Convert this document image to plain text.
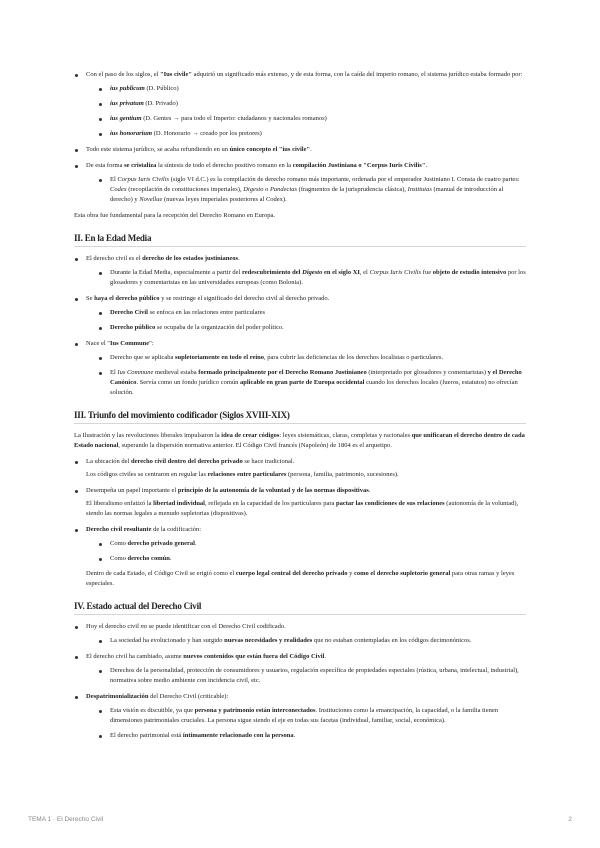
Con el paso de los siglos, el "Ius civile" adquirió un significado más extenso, y de esta forma, con la caída del imperio romano, el sistema jurídico estaba formado por:
ius publicum (D. Público)
ius privatum (D. Privado)
ius gentium (D. Gentes → para todo el Imperio: ciudadanos y nacionales romanos)
ius honorarium (D. Honorario → creado por los pretores)
Todo este sistema jurídico, se acaba refundiendo en un único concepto el "ius civile".
De esta forma se cristaliza la síntesis de todo el derecho positivo romano en la compilación Justiniana o "Corpus Iuris Civilis".
El Corpus Iuris Civilis (siglo VI d.C.) es la compilación de derecho romano más importante, ordenada por el emperador Justiniano I. Consta de cuatro partes: Codex (recopilación de constituciones imperiales), Digesto o Pandectas (fragmentos de la jurisprudencia clásica), Institutas (manual de introducción al derecho) y Novellae (nuevas leyes imperiales posteriores al Codex).

Esta obra fue fundamental para la recepción del Derecho Romano en Europa.

II. En la Edad Media
El derecho civil es el derecho de los estados justinianeos.
Durante la Edad Media, especialmente a partir del redescubrimiento del Digesto en el siglo XI, el Corpus Iuris Civilis fue objeto de estudio intensivo por los glosadores y comentaristas en las universidades europeas (como Bolonia).
Se haya el derecho público y se restringe el significado del derecho civil al derecho privado.
Derecho Civil se enfoca en las relaciones entre particulares
Derecho público se ocupaba de la organización del poder político.
Nace el "Ius Commune":
Derecho que se aplicaba supletoriamente en todo el reino, para cubrir las deficiencias de los derechos localistas o particulares.
El Ius Commune medieval estaba formado principalmente por el Derecho Romano Justinianeo (interpretado por glosadores y comentaristas) y el Derecho Canónico. Servía como un fondo jurídico común aplicable en gran parte de Europa occidental cuando los derechos locales (fueros, estatutos) no ofrecían solución.
III. Triunfo del movimiento codificador (Siglos XVIII-XIX)

La Ilustración y las revoluciones liberales impulsaron la idea de crear códigos: leyes sistemáticas, claras, completas y racionales que unificaran el derecho dentro de cada Estado nacional, superando la dispersión normativa anterior. El Código Civil francés (Napoleón) de 1804 es el arquetipo.

La ubicación del derecho civil dentro del derecho privado se hace tradicional.
Los códigos civiles se centraron en regular las relaciones entre particulares (persona, familia, patrimonio, sucesiones).
Desempeña un papel importante el principio de la autonomía de la voluntad y de las normas dispositivas.
El liberalismo enfatizó la libertad individual, reflejada en la capacidad de los particulares para pactar las condiciones de sus relaciones (autonomía de la voluntad), siendo las normas legales a menudo supletorias (dispositivas).
Derecho civil resultante de la codificación:
Como derecho privado general.
Como derecho común.
Dentro de cada Estado, el Código Civil se erigió como el cuerpo legal central del derecho privado y como el derecho supletorio general para otras ramas y leyes especiales.
IV. Estado actual del Derecho Civil
Hoy el derecho civil no se puede identificar con el Derecho Civil codificado.
La sociedad ha evolucionado y han surgido nuevas necesidades y realidades que no estaban contempladas en los códigos decimonónicos.
El derecho civil ha cambiado, asume nuevos contenidos que están fuera del Código Civil.
Derechos de la personalidad, protección de consumidores y usuarios, regulación específica de propiedades especiales (rústica, urbana, intelectual, industrial), normativa sobre medio ambiente con incidencia civil, etc.
Despatrimonialización del Derecho Civil (criticable):
Esta visión es discutible, ya que persona y patrimonio están interconectados. Instituciones como la emancipación, la capacidad, o la familia tienen dimensiones patrimoniales cruciales. La persona sigue siendo el eje en todas sus facetas (individual, familiar, social, económica).
El derecho patrimonial está íntimamente relacionado con la persona.
TEMA 1 · El Derecho Civil	2
